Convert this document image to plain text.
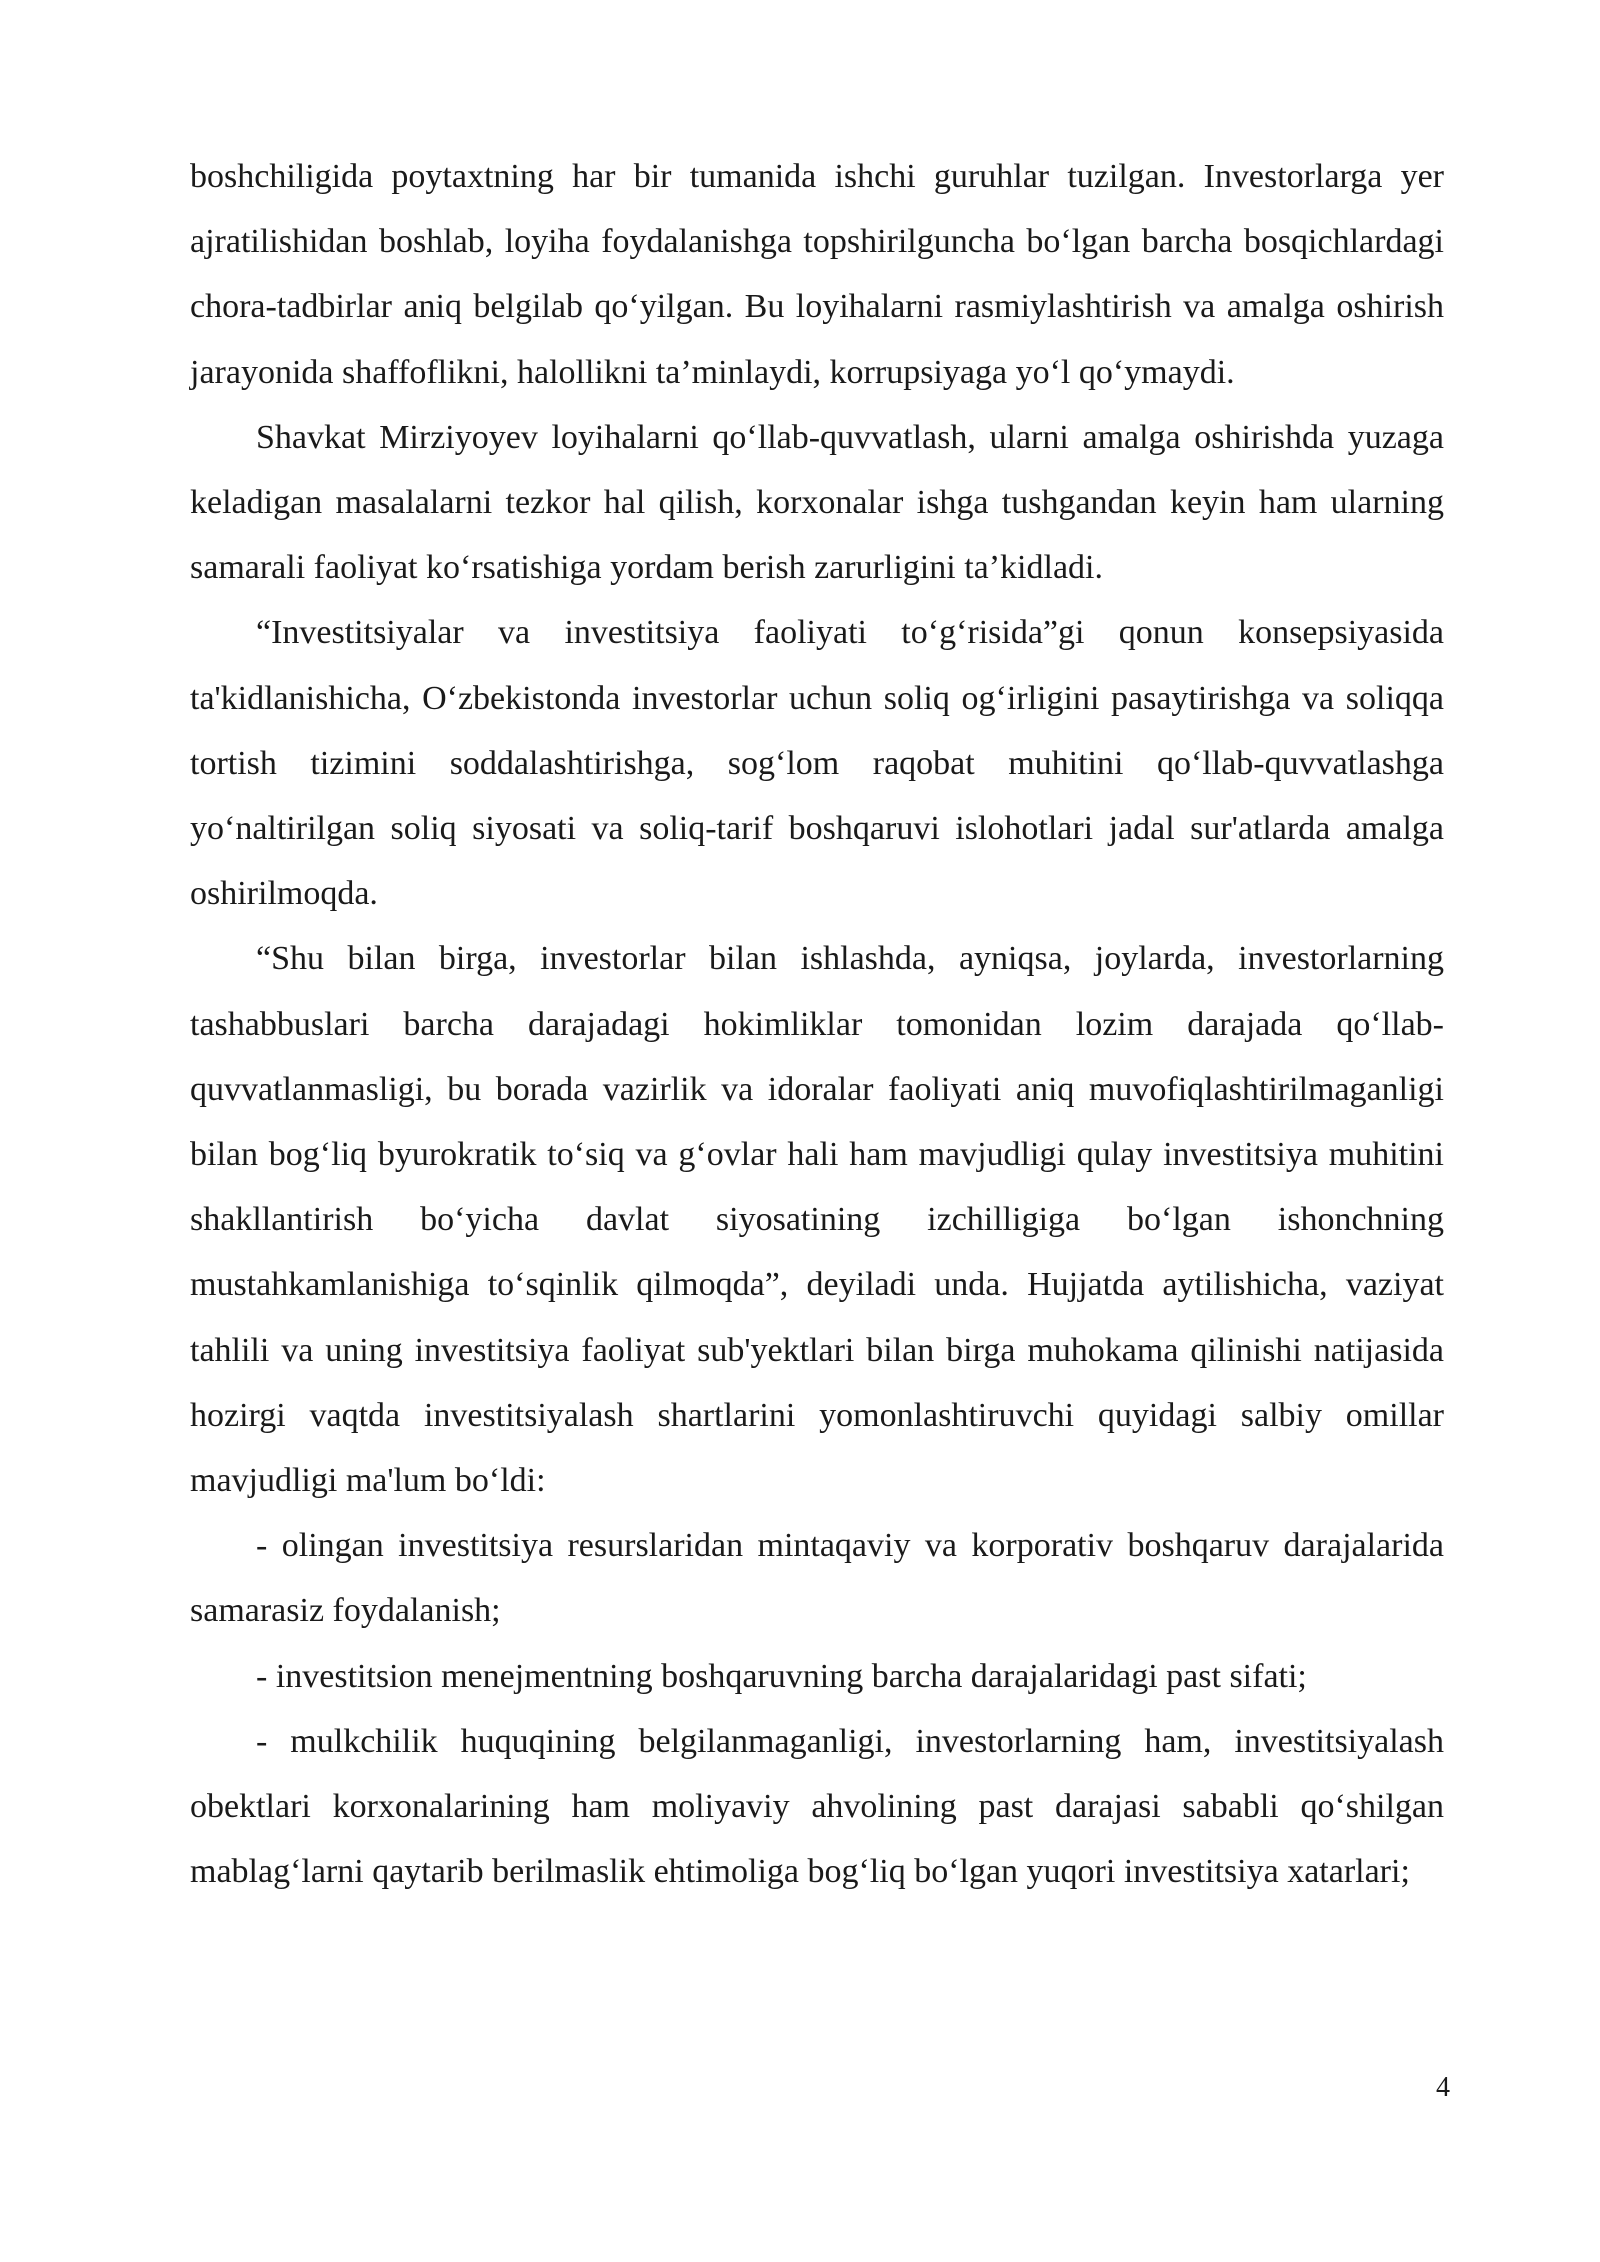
boshchiligida poytaxtning har bir tumanida ishchi guruhlar tuzilgan. Investorlarga yer ajratilishidan boshlab, loyiha foydalanishga topshirilguncha bo‘lgan barcha bosqichlardagi chora-tadbirlar aniq belgilab qo‘yilgan. Bu loyihalarni rasmiylashtirish va amalga oshirish jarayonida shaffoflikni, halollikni ta’minlaydi, korrupsiyaga yo‘l qo‘ymaydi.

Shavkat Mirziyoyev loyihalarni qo‘llab-quvvatlash, ularni amalga oshirishda yuzaga keladigan masalalarni tezkor hal qilish, korxonalar ishga tushgandan keyin ham ularning samarali faoliyat ko‘rsatishiga yordam berish zarurligini ta’kidladi.

“Investitsiyalar va investitsiya faoliyati to‘g‘risida”gi qonun konsepsiyasida ta'kidlanishicha, O‘zbekistonda investorlar uchun soliq og‘irligini pasaytirishga va soliqqa tortish tizimini soddalashtirishga, sog‘lom raqobat muhitini qo‘llab-quvvatlashga yo‘naltirilgan soliq siyosati va soliq-tarif boshqaruvi islohotlari jadal sur'atlarda amalga oshirilmoqda.

“Shu bilan birga, investorlar bilan ishlashda, ayniqsa, joylarda, investorlarning tashabbuslari barcha darajadagi hokimliklar tomonidan lozim darajada qo‘llab-quvvatlanmasligi, bu borada vazirlik va idoralar faoliyati aniq muvofiqlashtirilmaganligi bilan bog‘liq byurokratik to‘siq va g‘ovlar hali ham mavjudligi qulay investitsiya muhitini shakllantirish bo‘yicha davlat siyosatining izchilligiga bo‘lgan ishonchning mustahkamlanishiga to‘sqinlik qilmoqda”, deyiladi unda. Hujjatda aytilishicha, vaziyat tahlili va uning investitsiya faoliyat sub'yektlari bilan birga muhokama qilinishi natijasida hozirgi vaqtda investitsiyalash shartlarini yomonlashtiruvchi quyidagi salbiy omillar mavjudligi ma'lum bo‘ldi:

- olingan investitsiya resurslaridan mintaqaviy va korporativ boshqaruv darajalarida samarasiz foydalanish;

- investitsion menejmentning boshqaruvning barcha darajalaridagi past sifati;

- mulkchilik huquqining belgilanmaganligi, investorlarning ham, investitsiyalash obektlari korxonalarining ham moliyaviy ahvolining past darajasi sababli qo‘shilgan mablag‘larni qaytarib berilmaslik ehtimoliga bog‘liq bo‘lgan yuqori investitsiya xatarlari;

4
